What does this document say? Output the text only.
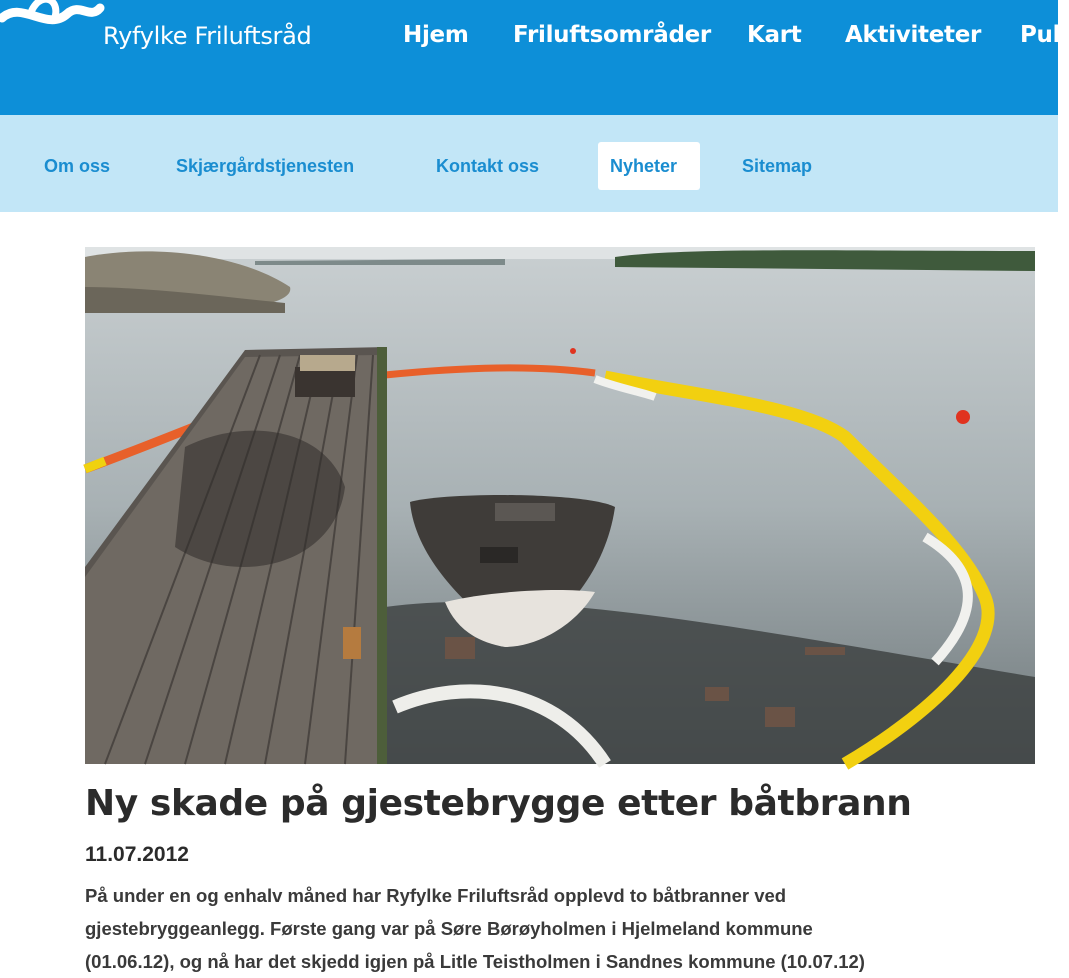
Ryfylke Friluftsråd	Hjem Friluftsområder Kart Aktiviteter Pub
Om oss	Skjærgårdstjenesten	Kontakt oss	Nyheter	Sitemap
Ny skade på gjestebrygge etter båtbrann
11.07.2012
På under en og enhalv måned har Ryfylke Friluftsråd opplevd to båtbranner ved
gjestebryggeanlegg. Første gang var på Søre Børøyholmen i Hjelmeland kommune
(01.06.12), og nå har det skjedd igjen på Litle Teistholmen i Sandnes kommune (10.07.12)
